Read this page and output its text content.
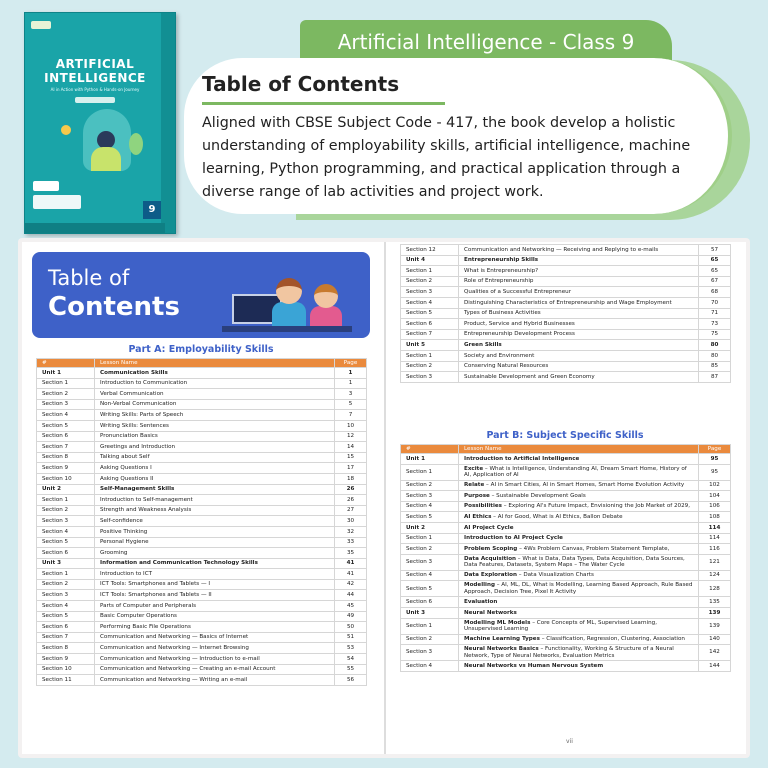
ARTIFICIAL
INTELLIGENCE
AI in Action with Python & Hands-on Journey
9
Artificial Intelligence - Class 9
Table of Contents
Aligned with CBSE Subject Code - 417, the book develop a holistic understanding of employability skills, artificial intelligence, machine learning, Python programming, and practical application through a diverse range of lab activities and project work.
Table of
Contents
Part A: Employability Skills
#	Lesson Name	Page
Unit 1	Communication Skills	1
Section 1	Introduction to Communication	1
Section 2	Verbal Communication	3
Section 3	Non-Verbal Communication	5
Section 4	Writing Skills: Parts of Speech	7
Section 5	Writing Skills: Sentences	10
Section 6	Pronunciation Basics	12
Section 7	Greetings and Introduction	14
Section 8	Talking about Self	15
Section 9	Asking Questions I	17
Section 10	Asking Questions II	18
Unit 2	Self-Management Skills	26
Section 1	Introduction to Self-management	26
Section 2	Strength and Weakness Analysis	27
Section 3	Self-confidence	30
Section 4	Positive Thinking	32
Section 5	Personal Hygiene	33
Section 6	Grooming	35
Unit 3	Information and Communication Technology Skills	41
Section 1	Introduction to ICT	41
Section 2	ICT Tools: Smartphones and Tablets — I	42
Section 3	ICT Tools: Smartphones and Tablets — II	44
Section 4	Parts of Computer and Peripherals	45
Section 5	Basic Computer Operations	49
Section 6	Performing Basic File Operations	50
Section 7	Communication and Networking — Basics of Internet	51
Section 8	Communication and Networking — Internet Browsing	53
Section 9	Communication and Networking — Introduction to e-mail	54
Section 10	Communication and Networking — Creating an e-mail Account	55
Section 11	Communication and Networking — Writing an e-mail	56
Section 12	Communication and Networking — Receiving and Replying to e-mails	57
Unit 4	Entrepreneurship Skills	65
Section 1	What is Entrepreneurship?	65
Section 2	Role of Entrepreneurship	67
Section 3	Qualities of a Successful Entrepreneur	68
Section 4	Distinguishing Characteristics of Entrepreneurship and Wage Employment	70
Section 5	Types of Business Activities	71
Section 6	Product, Service and Hybrid Businesses	73
Section 7	Entrepreneurship Development Process	75
Unit 5	Green Skills	80
Section 1	Society and Environment	80
Section 2	Conserving Natural Resources	85
Section 3	Sustainable Development and Green Economy	87
Part B: Subject Specific Skills
#	Lesson Name	Page
Unit 1	Introduction to Artificial Intelligence	95
Section 1	Excite – What is Intelligence, Understanding AI, Dream Smart Home, History of AI, Application of AI	95
Section 2	Relate – AI in Smart Cities, AI in Smart Homes, Smart Home Evolution Activity	102
Section 3	Purpose – Sustainable Development Goals	104
Section 4	Possibilities – Exploring AI's Future Impact, Envisioning the Job Market of 2029,	106
Section 5	AI Ethics – AI for Good, What is AI Ethics, Ballon Debate	108
Unit 2	AI Project Cycle	114
Section 1	Introduction to AI Project Cycle	114
Section 2	Problem Scoping – 4Ws Problem Canvas, Problem Statement Template,	116
Section 3	Data Acquisition – What is Data, Data Types, Data Acquisition, Data Sources, Data Features, Datasets, System Maps – The Water Cycle	121
Section 4	Data Exploration – Data Visualization Charts	124
Section 5	Modelling – AI, ML, DL, What is Modelling, Learning Based Approach, Rule Based Approach, Decision Tree, Pixel It Activity	128
Section 6	Evaluation	135
Unit 3	Neural Networks	139
Section 1	Modelling ML Models – Core Concepts of ML, Supervised Learning, Unsupervised Learning	139
Section 2	Machine Learning Types – Classification, Regression, Clustering, Association	140
Section 3	Neural Networks Basics – Functionality, Working & Structure of a Neural Network, Type of Neural Networks, Evaluation Metrics	142
Section 4	Neural Networks vs Human Nervous System	144
vii
